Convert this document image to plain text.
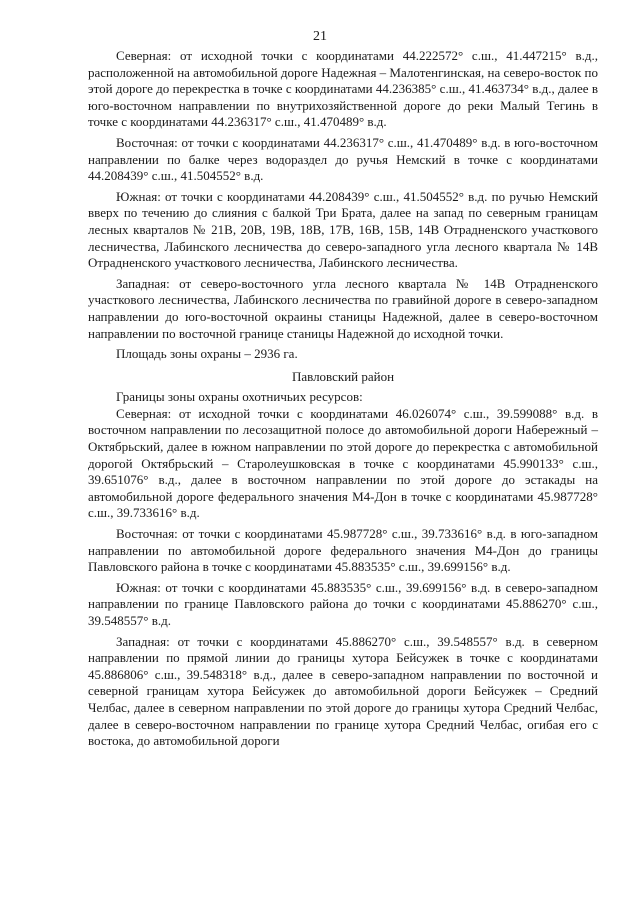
21

Северная: от исходной точки с координатами 44.222572° с.ш., 41.447215° в.д., расположенной на автомобильной дороге Надежная – Малотенгинская, на северо-восток по этой дороге до перекрестка в точке с координатами 44.236385° с.ш., 41.463734° в.д., далее в юго-восточном направлении по внутрихозяйственной дороге до реки Малый Тегинь в точке с координатами 44.236317° с.ш., 41.470489° в.д.

Восточная: от точки с координатами 44.236317° с.ш., 41.470489° в.д. в юго-восточном направлении по балке через водораздел до ручья Немский в точке с координатами 44.208439° с.ш., 41.504552° в.д.

Южная: от точки с координатами 44.208439° с.ш., 41.504552° в.д. по ручью Немский вверх по течению до слияния с балкой Три Брата, далее на запад по северным границам лесных кварталов № 21В, 20В, 19В, 18В, 17В, 16В, 15В, 14В Отрадненского участкового лесничества, Лабинского лесничества до северо-западного угла лесного квартала № 14В Отрадненского участкового лесничества, Лабинского лесничества.

Западная: от северо-восточного угла лесного квартала № 14В Отрадненского участкового лесничества, Лабинского лесничества по гравийной дороге в северо-западном направлении до юго-восточной окраины станицы Надежной, далее в северо-восточном направлении по восточной границе станицы Надежной до исходной точки.

Площадь зоны охраны – 2936 га.

Павловский район

Границы зоны охраны охотничьих ресурсов:

Северная: от исходной точки с координатами 46.026074° с.ш., 39.599088° в.д. в восточном направлении по лесозащитной полосе до автомобильной дороги Набережный – Октябрьский, далее в южном направлении по этой дороге до перекрестка с автомобильной дорогой Октябрьский – Старолеушковская в точке с координатами 45.990133° с.ш., 39.651076° в.д., далее в восточном направлении по этой дороге до эстакады на автомобильной дороге федерального значения М4-Дон в точке с координатами 45.987728° с.ш., 39.733616° в.д.

Восточная: от точки с координатами 45.987728° с.ш., 39.733616° в.д. в юго-западном направлении по автомобильной дороге федерального значения М4-Дон до границы Павловского района в точке с координатами 45.883535° с.ш., 39.699156° в.д.

Южная: от точки с координатами 45.883535° с.ш., 39.699156° в.д. в северо-западном направлении по границе Павловского района до точки с координатами 45.886270° с.ш., 39.548557° в.д.

Западная: от точки с координатами 45.886270° с.ш., 39.548557° в.д. в северном направлении по прямой линии до границы хутора Бейсужек в точке с координатами 45.886806° с.ш., 39.548318° в.д., далее в северо-западном направлении по восточной и северной границам хутора Бейсужек до автомобильной дороги Бейсужек – Средний Челбас, далее в северном направлении по этой дороге до границы хутора Средний Челбас, далее в северо-восточном направлении по границе хутора Средний Челбас, огибая его с востока, до автомобильной дороги
